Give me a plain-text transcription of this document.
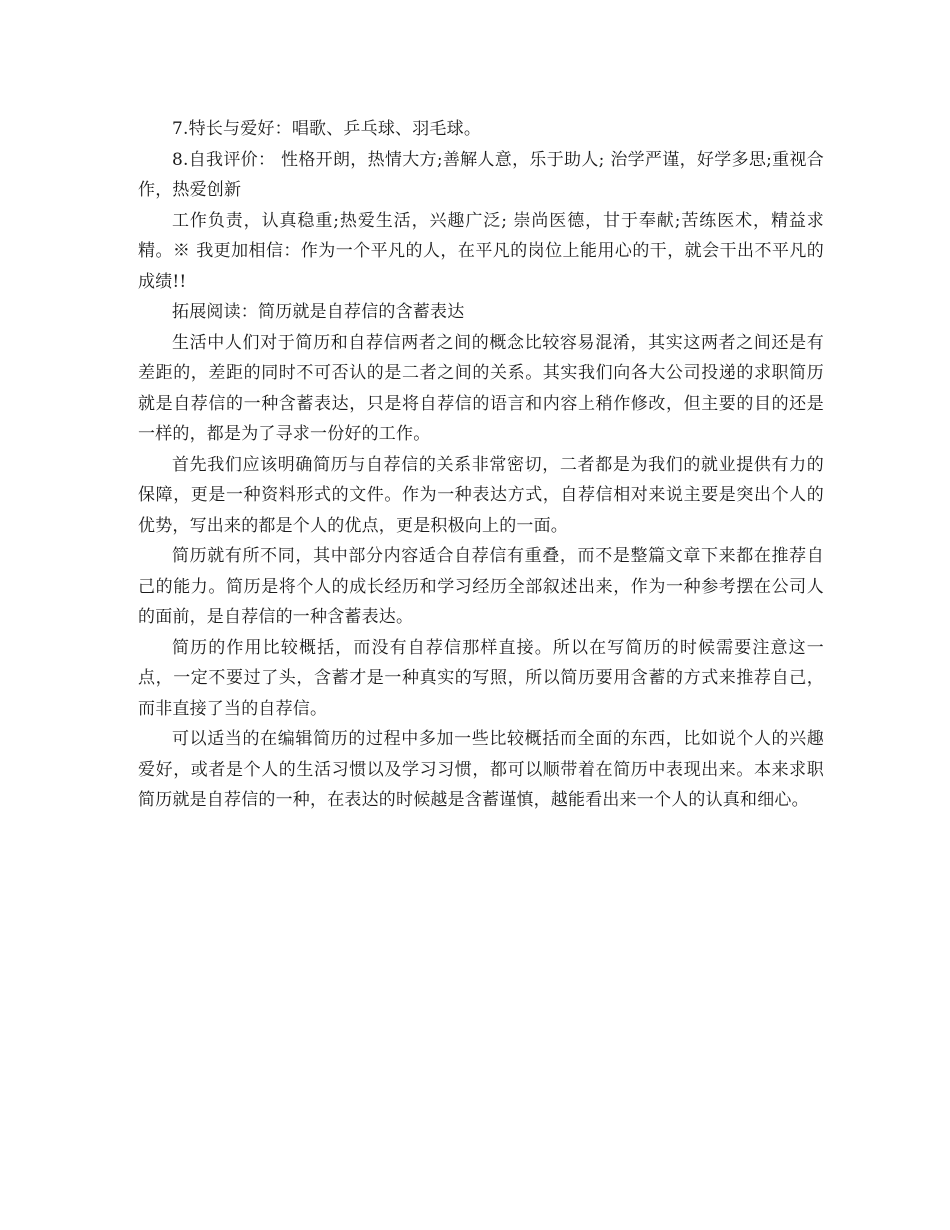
7.特长与爱好：唱歌、乒乓球、羽毛球。

8.自我评价： 性格开朗，热情大方;善解人意，乐于助人; 治学严谨，好学多思;重视合作，热爱创新

工作负责，认真稳重;热爱生活，兴趣广泛; 崇尚医德，甘于奉献;苦练医术，精益求精。※ 我更加相信：作为一个平凡的人，在平凡的岗位上能用心的干，就会干出不平凡的成绩!!

拓展阅读：简历就是自荐信的含蓄表达

生活中人们对于简历和自荐信两者之间的概念比较容易混淆，其实这两者之间还是有差距的，差距的同时不可否认的是二者之间的关系。其实我们向各大公司投递的求职简历就是自荐信的一种含蓄表达，只是将自荐信的语言和内容上稍作修改，但主要的目的还是一样的，都是为了寻求一份好的工作。

首先我们应该明确简历与自荐信的关系非常密切，二者都是为我们的就业提供有力的保障，更是一种资料形式的文件。作为一种表达方式，自荐信相对来说主要是突出个人的优势，写出来的都是个人的优点，更是积极向上的一面。

简历就有所不同，其中部分内容适合自荐信有重叠，而不是整篇文章下来都在推荐自己的能力。简历是将个人的成长经历和学习经历全部叙述出来，作为一种参考摆在公司人的面前，是自荐信的一种含蓄表达。

简历的作用比较概括，而没有自荐信那样直接。所以在写简历的时候需要注意这一点，一定不要过了头，含蓄才是一种真实的写照，所以简历要用含蓄的方式来推荐自己，而非直接了当的自荐信。

可以适当的在编辑简历的过程中多加一些比较概括而全面的东西，比如说个人的兴趣爱好，或者是个人的生活习惯以及学习习惯，都可以顺带着在简历中表现出来。本来求职简历就是自荐信的一种，在表达的时候越是含蓄谨慎，越能看出来一个人的认真和细心。
